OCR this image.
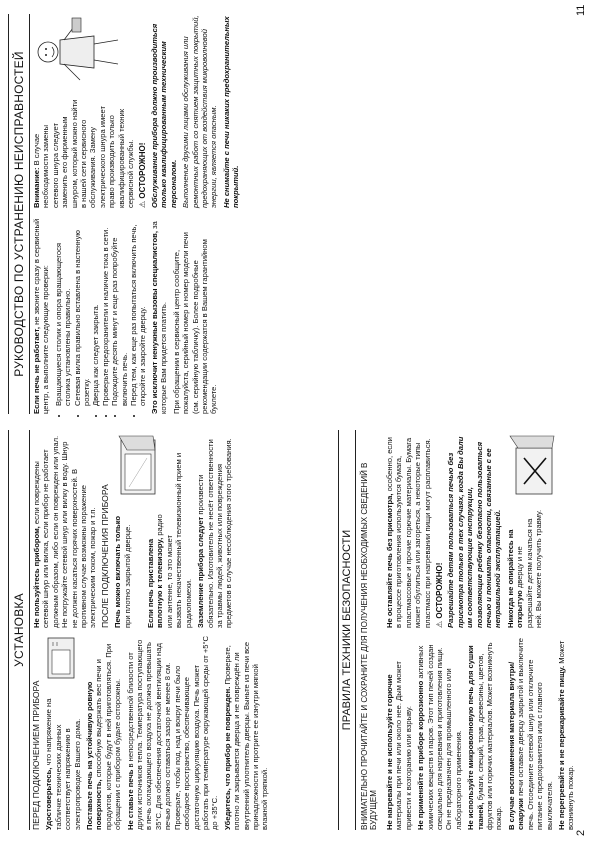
2
11
УСТАНОВКА
ПЕРЕД ПОДКЛЮЧЕНИЕМ ПРИБОРА Удостоверьтесь, что напряжение на табличке технических данных соответствует напряжению в электропроводке Вашего дома. Поставьте печь на устойчивую ровную поверхность, способную выдержать вес печи и продуктов, которые будут в ней приготовляться. При обращении с прибором будьте осторожны. Не ставьте печь в непосредственной близости от других источников тепла. Температура поступающего в печь охлаждающего воздуха не должна превышать 35°С. Для обеспечения достаточной вентиляции над печью должно оставаться зазор не менее 8 см. Проверьте, чтобы под, над и вокруг печи было свободное пространство, обеспечивающее достаточную циркуляцию воздуха. Печь может работать при температуре окружающей среды от +5°С до +35°С. Убедитесь, что прибор не поврежден. Проверьте, плотно ли закрывается дверца и не повреждён ли внутренний уплотнитель дверцы. Выньте из печи все принадлежности и протрите ее изнутри мягкой влажной тряпкой.

Не пользуйтесь прибором, если повреждены сетевой шнур или вилка, если прибор не работает должным образом, либо если он поврежден или упал. Не погружайте сетевой шнур или вилку в воду. Шнур не должен касаться горячих поверхностей. В противном случае возможны поражение электрическим током, пожар и т.п. ПОСЛЕ ПОДКЛЮЧЕНИЯ ПРИБОРА Печь можно включать только при плотно закрытой дверце. Если печь приставлена вплотную к телевизору, радио или антенне, то это может вызвать некачественный телевизионный прием и радиопомехи. Заземление прибора следует произвести обязательно. Изготовитель не несёт ответственности за травмы людей, животных или повреждения предметов в случае несоблюдения этого требования.	ПРАВИЛА ТЕХНИКИ БЕЗОПАСНОСТИ ВНИМАТЕЛЬНО ПРОЧИТАЙТЕ И СОХРАНИТЕ ДЛЯ ПОЛУЧЕНИЯ НЕОБХОДИМЫХ СВЕДЕНИЙ В БУДУЩЕМ Не нагревайте и не используйте горючие материалы при печи или около нее. Дым может привести к возгоранию или взрыву. Не применяйте в приборе коррозионно активных химических веществ и паров. Этот тип печей создан специально для нагревания и приготовления пищи. Он не предназначен для промышленного или лабораторного применения. Не используйте микроволновую печь для сушки тканей, бумаги, специй, трав, древесины, цветов, фруктов или горючих материалов. Может возникнуть пожар. В случае воспламенения материала внутри/снаружи печи оставьте дверцу закрытой и выключите печь. Отсоедините сетевой шнур или отключите питание с предохранителя или с главного выключателя. Не перегревайте и не пережаривайте пищу. Может возникнуть пожар.

Не оставляйте печь без присмотра, особенно, если в процессе приготовления используются бумага, пластмассовые и прочие горючие материалы. Бумага может обуглиться или загореться, а некоторые типы пластмасс при нагревании пищи могут расплавиться. ⚠ ОСТОРОЖНО! Разрешайте детям пользоваться печью без присмотра только в тех случаях, когда Вы дали им соответствующие инструкции, позволяющие ребенку безопасно пользоваться печью и понимать опасности, связанные с ее неправильной эксплуатацией. Никогда не опирайтесь на открытую дверцу и не разрешайте детям качаться на ней. Вы можете получить травму.

РУКОВОДСТВО ПО УСТРАНЕНИЮ НЕИСПРАВНОСТЕЙ Если печь не работает, не звоните сразу в сервисный центр, а выполните следующие проверки: • Вращающиеся столик и опора вращающегося столика установлены правильно. • Сетевая вилка правильно вставлена в настенную розетку. • Дверца как следует закрыта. • Проверьте предохранители и наличие тока в сети. • Подождите десять минут и еще раз попробуйте включить печь. • Перед тем, как еще раз попытаться включить печь, откройте и закройте дверцу. Это исключит ненужные вызовы специалистов, за которые Вам придется платить. При обращении в сервисный центр сообщите, пожалуйста, серийный номер и номер модели печи (см. серийную табличку). Более подробные рекомендации содержатся в Вашем гарантийном буклете.

Внимание: В случае необходимости замены сетевого шнура следует заменить его фирменным шнуром, который можно найти в нашей сети сервисного обслуживания. Замену электрического шнура имеет право производить только квалифицированный техник сервисной службы. ⚠ ОСТОРОЖНО! Обслуживание прибора должно производиться только квалифицированным техническим персоналом. Выполнение другими лицами обслуживания или ремонтных работ со снятием защитных покрытий, предохраняющих от воздействия микроволновой энергии, является опасным. Не снимайте с печи никаких предохранительных покрытий.
